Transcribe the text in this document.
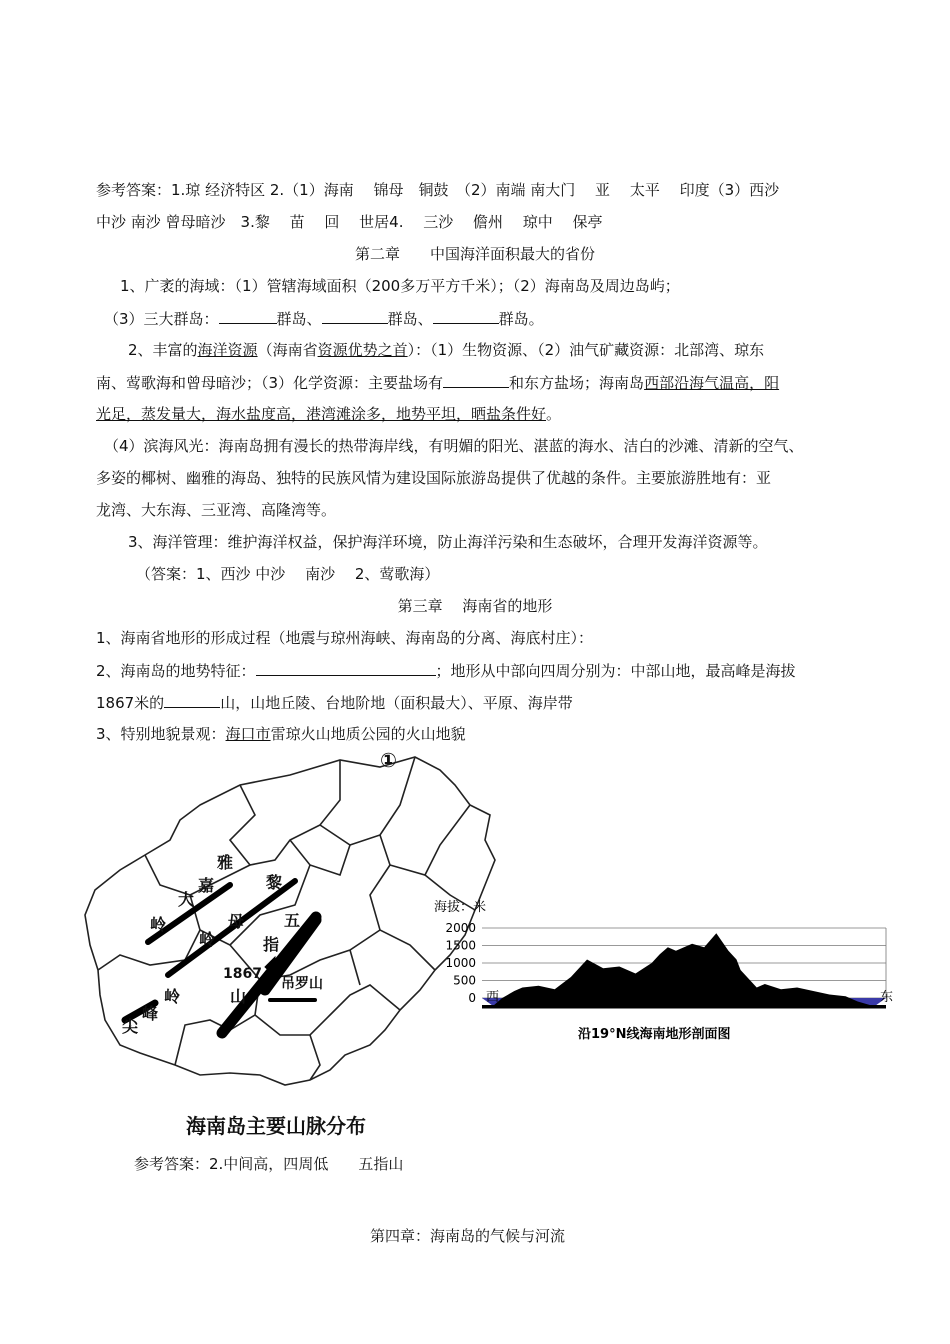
参考答案：1.琼 经济特区 2.（1）海南　 锦母　铜鼓　（2）南端 南大门　 亚　 太平　 印度（3）西沙
中沙 南沙 曾母暗沙　3.黎　 苗　 回　 世居4.　 三沙　 儋州　 琼中　 保亭
第二章　　中国海洋面积最大的省份
1、广袤的海域：（1）管辖海域面积（200多万平方千米）；（2）海南岛及周边岛屿；
（3）三大群岛：	群岛、	群岛、	群岛。
2、丰富的海洋资源（海南省资源优势之首）：（1）生物资源、（2）油气矿藏资源：北部湾、琼东
南、莺歌海和曾母暗沙；（3）化学资源：主要盐场有	和东方盐场；海南岛西部沿海气温高，阳
光足，蒸发量大，海水盐度高，港湾滩涂多，地势平坦，晒盐条件好。
（4）滨海风光：海南岛拥有漫长的热带海岸线，有明媚的阳光、湛蓝的海水、洁白的沙滩、清新的空气、
多姿的椰树、幽雅的海岛、独特的民族风情为建设国际旅游岛提供了优越的条件。主要旅游胜地有：亚
龙湾、大东海、三亚湾、高隆湾等。
3、海洋管理：维护海洋权益，保护海洋环境，防止海洋污染和生态破坏，合理开发海洋资源等。
（答案：1、西沙 中沙　 南沙　 2、莺歌海）
第三章　 海南省的地形
1、海南省地形的形成过程（地震与琼州海峡、海南岛的分离、海底村庄）：
2、海南岛的地势特征：	；地形从中部向四周分别为：中部山地，最高峰是海拔
1867米的	山，山地丘陵、台地阶地（面积最大）、平原、海岸带
3、特别地貌景观：海口市雷琼火山地质公园的火山地貌
①
雅
大
嘉
岭
黎
母
岭
五
指
1867
山
吊罗山
岭
峰
尖
海南岛主要山脉分布
0
500
1000
1500
2000
海拔：米
西	东
沿19°N线海南地形剖面图
参考答案：2.中间高，四周低　　五指山
第四章：海南岛的气候与河流
